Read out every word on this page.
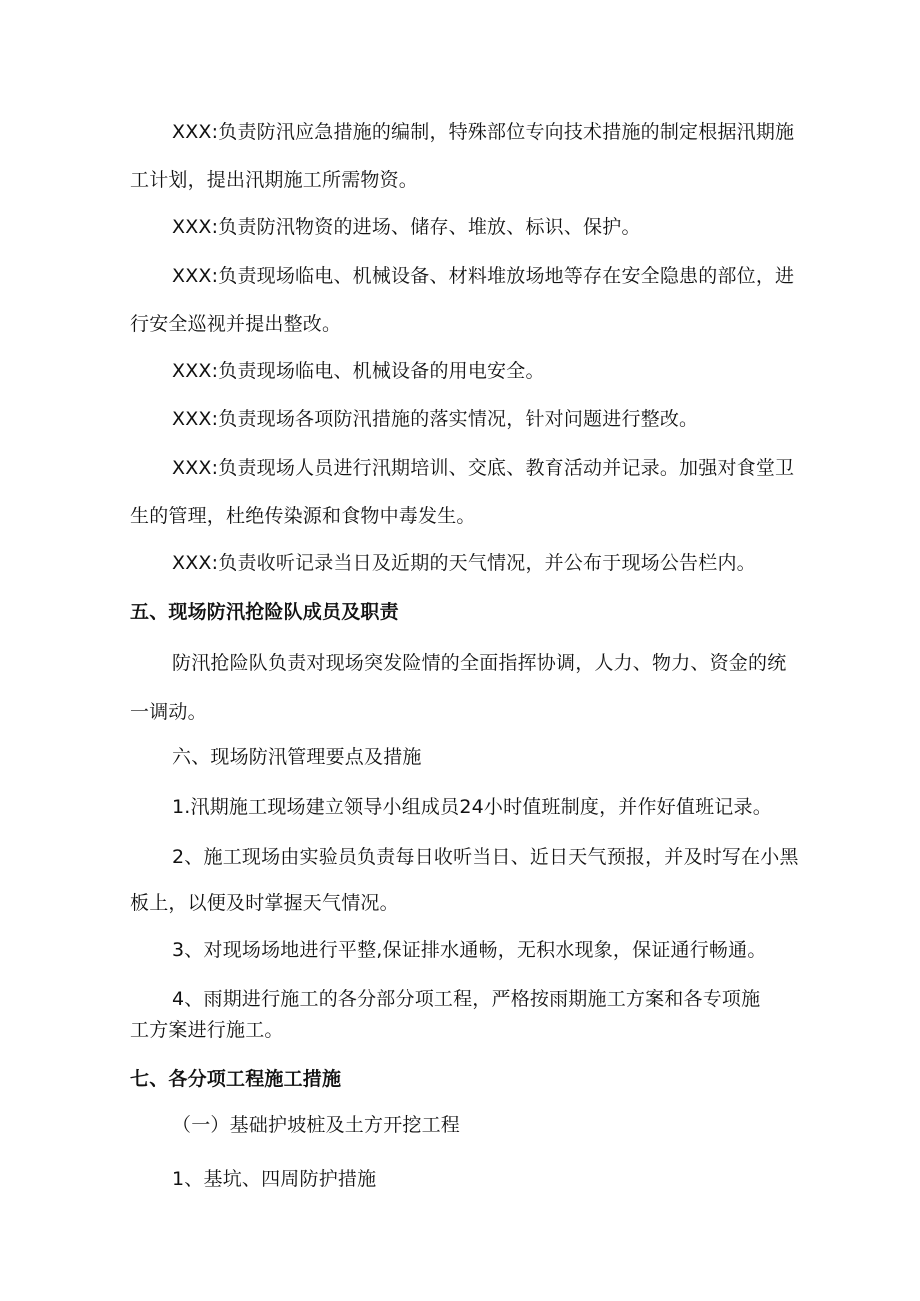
XXX:负责防汛应急措施的编制，特殊部位专向技术措施的制定根据汛期施
工计划，提出汛期施工所需物资。
XXX:负责防汛物资的进场、储存、堆放、标识、保护。
XXX:负责现场临电、机械设备、材料堆放场地等存在安全隐患的部位，进
行安全巡视并提出整改。
XXX:负责现场临电、机械设备的用电安全。
XXX:负责现场各项防汛措施的落实情况，针对问题进行整改。
XXX:负责现场人员进行汛期培训、交底、教育活动并记录。加强对食堂卫
生的管理，杜绝传染源和食物中毒发生。
XXX:负责收听记录当日及近期的天气情况，并公布于现场公告栏内。
五、现场防汛抢险队成员及职责
防汛抢险队负责对现场突发险情的全面指挥协调，人力、物力、资金的统
一调动。
六、现场防汛管理要点及措施
1.汛期施工现场建立领导小组成员24小时值班制度，并作好值班记录。
2、施工现场由实验员负责每日收听当日、近日天气预报，并及时写在小黑
板上，以便及时掌握天气情况。
3、对现场场地进行平整,保证排水通畅，无积水现象，保证通行畅通。
4、雨期进行施工的各分部分项工程，严格按雨期施工方案和各专项施
工方案进行施工。
七、各分项工程施工措施
（一）基础护坡桩及土方开挖工程
1、基坑、四周防护措施
